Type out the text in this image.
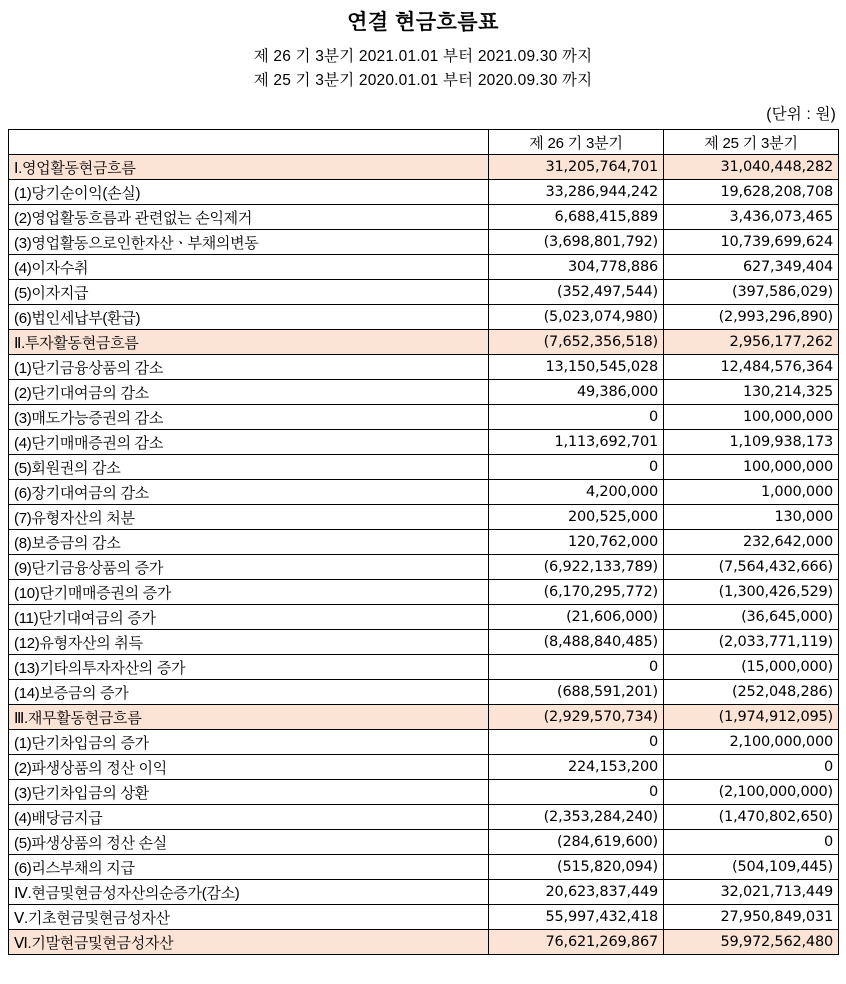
연결 현금흐름표
제 26 기 3분기 2021.01.01 부터 2021.09.30 까지
제 25 기 3분기 2020.01.01 부터 2020.09.30 까지
(단위 : 원)
	제 26 기 3분기	제 25 기 3분기
Ⅰ.영업활동현금흐름	31,205,764,701	31,040,448,282
(1)당기순이익(손실)	33,286,944,242	19,628,208,708
(2)영업활동흐름과 관련없는 손익제거	6,688,415,889	3,436,073,465
(3)영업활동으로인한자산ㆍ부채의변동	(3,698,801,792)	10,739,699,624
(4)이자수취	304,778,886	627,349,404
(5)이자지급	(352,497,544)	(397,586,029)
(6)법인세납부(환급)	(5,023,074,980)	(2,993,296,890)
Ⅱ.투자활동현금흐름	(7,652,356,518)	2,956,177,262
(1)단기금융상품의 감소	13,150,545,028	12,484,576,364
(2)단기대여금의 감소	49,386,000	130,214,325
(3)매도가능증권의 감소	0	100,000,000
(4)단기매매증권의 감소	1,113,692,701	1,109,938,173
(5)회원권의 감소	0	100,000,000
(6)장기대여금의 감소	4,200,000	1,000,000
(7)유형자산의 처분	200,525,000	130,000
(8)보증금의 감소	120,762,000	232,642,000
(9)단기금융상품의 증가	(6,922,133,789)	(7,564,432,666)
(10)단기매매증권의 증가	(6,170,295,772)	(1,300,426,529)
(11)단기대여금의 증가	(21,606,000)	(36,645,000)
(12)유형자산의 취득	(8,488,840,485)	(2,033,771,119)
(13)기타의투자자산의 증가	0	(15,000,000)
(14)보증금의 증가	(688,591,201)	(252,048,286)
Ⅲ.재무활동현금흐름	(2,929,570,734)	(1,974,912,095)
(1)단기차입금의 증가	0	2,100,000,000
(2)파생상품의 정산 이익	224,153,200	0
(3)단기차입금의 상환	0	(2,100,000,000)
(4)배당금지급	(2,353,284,240)	(1,470,802,650)
(5)파생상품의 정산 손실	(284,619,600)	0
(6)리스부채의 지급	(515,820,094)	(504,109,445)
Ⅳ.현금및현금성자산의순증가(감소)	20,623,837,449	32,021,713,449
Ⅴ.기초현금및현금성자산	55,997,432,418	27,950,849,031
Ⅵ.기말현금및현금성자산	76,621,269,867	59,972,562,480
